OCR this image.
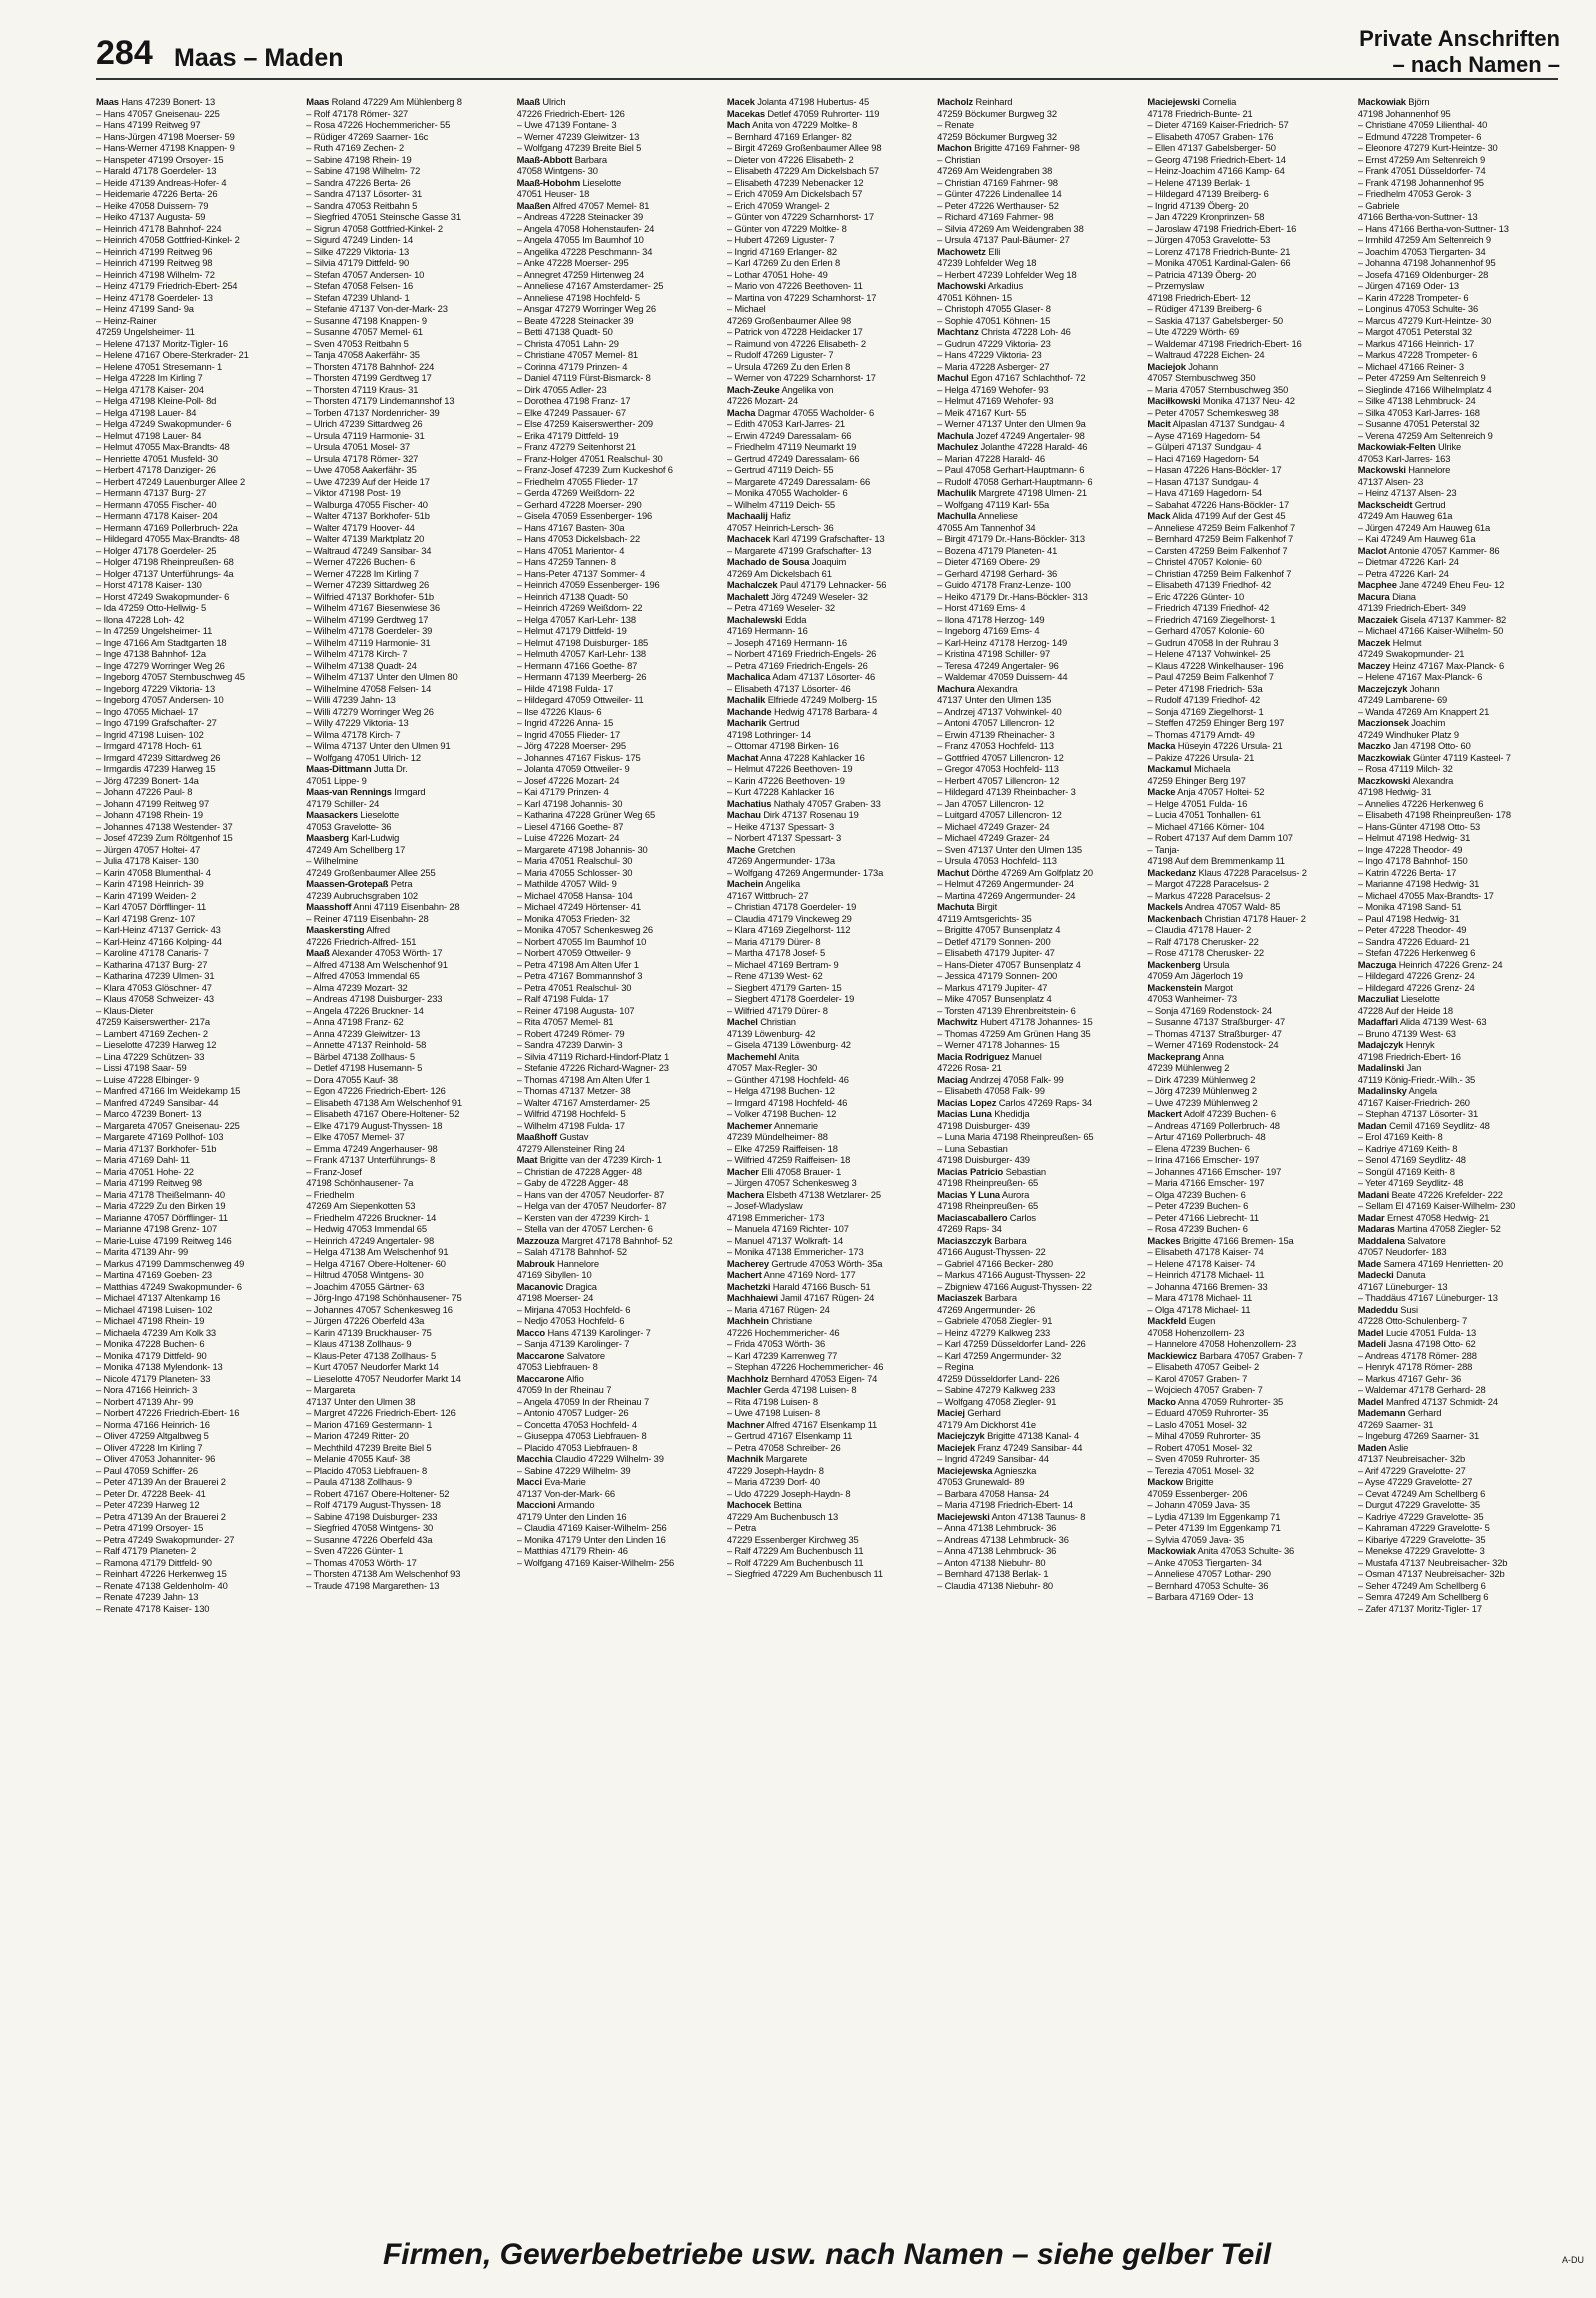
284 Maas – Maden
Private Anschriften
– nach Namen –
Maas Hans 47239 Bonert- 13
– Hans 47057 Gneisenau- 225
– Hans 47199 Reitweg 97
– Hans-Jürgen 47198 Moerser- 59
– Hans-Werner 47198 Knappen- 9
– Hanspeter 47199 Orsoyer- 15
– Harald 47178 Goerdeler- 13
– Heide 47139 Andreas-Hofer- 4
– Heidemarie 47226 Berta- 26
– Heike 47058 Duissern- 79
– Heiko 47137 Augusta- 59
– Heinrich 47178 Bahnhof- 224
– Heinrich 47058 Gottfried-Kinkel- 2
– Heinrich 47199 Reitweg 96
– Heinrich 47199 Reitweg 98
– Heinrich 47198 Wilhelm- 72
– Heinz 47179 Friedrich-Ebert- 254
– Heinz 47178 Goerdeler- 13
– Heinz 47199 Sand- 9a
– Heinz-Rainer
47259 Ungelsheimer- 11
– Helene 47137 Moritz-Tigler- 16
– Helene 47167 Obere-Sterkrader- 21
– Helene 47051 Stresemann- 1
– Helga 47228 Im Kirling 7
– Helga 47178 Kaiser- 204
– Helga 47198 Kleine-Poll- 8d
– Helga 47198 Lauer- 84
– Helga 47249 Swakopmunder- 6
– Helmut 47198 Lauer- 84
– Helmut 47055 Max-Brandts- 48
– Henriette 47051 Musfeld- 30
– Herbert 47178 Danziger- 26
– Herbert 47249 Lauenburger Allee 2
– Hermann 47137 Burg- 27
– Hermann 47055 Fischer- 40
– Hermann 47178 Kaiser- 204
– Hermann 47169 Pollerbruch- 22a
– Hildegard 47055 Max-Brandts- 48
– Holger 47178 Goerdeler- 25
– Holger 47198 Rheinpreußen- 68
– Holger 47137 Unterführungs- 4a
– Horst 47178 Kaiser- 130
– Horst 47249 Swakopmunder- 6
– Ida 47259 Otto-Hellwig- 5
– Ilona 47228 Loh- 42
– In 47259 Ungelsheimer- 11
– Inge 47166 Am Stadtgarten 18
– Inge 47138 Bahnhof- 12a
– Inge 47279 Worringer Weg 26
– Ingeborg 47057 Sternbuschweg 45
– Ingeborg 47229 Viktoria- 13
– Ingeborg 47057 Andersen- 10
– Ingo 47055 Michael- 17
– Ingo 47199 Grafschafter- 27
– Ingrid 47198 Luisen- 102
– Irmgard 47178 Hoch- 61
– Irmgard 47239 Sittardweg 26
– Irmgardis 47239 Harweg 15
– Jörg 47239 Bonert- 14a
– Johann 47226 Paul- 8
– Johann 47199 Reitweg 97
– Johann 47198 Rhein- 19
– Johannes 47138 Westender- 37
– Josef 47239 Zum Röltgenhof 15
– Jürgen 47057 Holtei- 47
– Julia 47178 Kaiser- 130
– Karin 47058 Blumenthal- 4
– Karin 47198 Heinrich- 39
– Karin 47199 Weiden- 2
– Karl 47057 Dörfflinger- 11
– Karl 47198 Grenz- 107
– Karl-Heinz 47137 Gerrick- 43
– Karl-Heinz 47166 Kolping- 44
– Karoline 47178 Canaris- 7
– Katharina 47137 Burg- 27
– Katharina 47239 Ulmen- 31
– Klara 47053 Glöschner- 47
– Klaus 47058 Schweizer- 43
– Klaus-Dieter
47259 Kaiserswerther- 217a
– Lambert 47169 Zechen- 2
– Lieselotte 47239 Harweg 12
– Lina 47229 Schützen- 33
– Lissi 47198 Saar- 59
– Luise 47228 Elbinger- 9
– Manfred 47166 Im Weidekamp 15
– Manfred 47249 Sansibar- 44
– Marco 47239 Bonert- 13
– Margareta 47057 Gneisenau- 225
– Margarete 47169 Pollhof- 103
– Maria 47137 Borkhofer- 51b
– Maria 47169 Dahl- 11
– Maria 47051 Hohe- 22
– Maria 47199 Reitweg 98
– Maria 47178 Theißelmann- 40
– Maria 47229 Zu den Birken 19
– Marianne 47057 Dörfflinger- 11
– Marianne 47198 Grenz- 107
– Marie-Luise 47199 Reitweg 146
– Marita 47139 Ahr- 99
– Markus 47199 Dammschenweg 49
– Martina 47169 Goeben- 23
– Matthias 47249 Swakopmunder- 6
– Michael 47137 Altenkamp 16
– Michael 47198 Luisen- 102
– Michael 47198 Rhein- 19
– Michaela 47239 Am Kolk 33
– Monika 47228 Buchen- 6
– Monika 47179 Dittfeld- 90
– Monika 47138 Mylendonk- 13
– Nicole 47179 Planeten- 33
– Nora 47166 Heinrich- 3
– Norbert 47139 Ahr- 99
– Norbert 47226 Friedrich-Ebert- 16
– Norma 47166 Heinrich- 16
– Oliver 47259 Altgalbweg 5
– Oliver 47228 Im Kirling 7
– Oliver 47053 Johanniter- 96
– Paul 47059 Schiffer- 26
– Peter 47139 An der Brauerei 2
– Peter Dr. 47228 Beek- 41
– Peter 47239 Harweg 12
– Petra 47139 An der Brauerei 2
– Petra 47199 Orsoyer- 15
– Petra 47249 Swakopmunder- 27
– Ralf 47179 Planeten- 2
– Ramona 47179 Dittfeld- 90
– Reinhart 47226 Herkenweg 15
– Renate 47138 Geldenholm- 40
– Renate 47239 Jahn- 13
– Renate 47178 Kaiser- 130
Maas Roland 47229 Am Mühlenberg 8
– Rolf 47178 Römer- 327
– Rosa 47226 Hochemmericher- 55
– Rüdiger 47269 Saarner- 16c
– Ruth 47169 Zechen- 2
– Sabine 47198 Rhein- 19
– Sabine 47198 Wilhelm- 72
– Sandra 47226 Berta- 26
– Sandra 47137 Lösorter- 31
– Sandra 47053 Reitbahn 5
– Siegfried 47051 Steinsche Gasse 31
– Sigrun 47058 Gottfried-Kinkel- 2
– Sigurd 47249 Linden- 14
– Silke 47229 Viktoria- 13
– Silvia 47179 Dittfeld- 90
– Stefan 47057 Andersen- 10
– Stefan 47058 Felsen- 16
– Stefan 47239 Uhland- 1
– Stefanie 47137 Von-der-Mark- 23
– Susanne 47198 Knappen- 9
– Susanne 47057 Memel- 61
– Sven 47053 Reitbahn 5
– Tanja 47058 Aakerfähr- 35
– Thorsten 47178 Bahnhof- 224
– Thorsten 47199 Gerdtweg 17
– Thorsten 47119 Kraus- 31
– Thorsten 47179 Lindemannshof 13
– Torben 47137 Nordenricher- 39
– Ulrich 47239 Sittardweg 26
– Ursula 47119 Harmonie- 31
– Ursula 47051 Mosel- 37
– Ursula 47178 Römer- 327
– Uwe 47058 Aakerfähr- 35
– Uwe 47239 Auf der Heide 17
– Viktor 47198 Post- 19
– Walburga 47055 Fischer- 40
– Walter 47137 Borkhofer- 51b
– Walter 47179 Hoover- 44
– Walter 47139 Marktplatz 20
– Waltraud 47249 Sansibar- 34
– Werner 47226 Buchen- 6
– Werner 47228 Im Kirling 7
– Werner 47239 Sittardweg 26
– Wilfried 47137 Borkhofer- 51b
– Wilhelm 47167 Biesenwiese 36
– Wilhelm 47199 Gerdtweg 17
– Wilhelm 47178 Goerdeler- 39
– Wilhelm 47119 Harmonie- 31
– Wilhelm 47178 Kirch- 7
– Wilhelm 47138 Quadt- 24
– Wilhelm 47137 Unter den Ulmen 80
– Wilhelmine 47058 Felsen- 14
– Willi 47239 Jahn- 13
– Willi 47279 Worringer Weg 26
– Willy 47229 Viktoria- 13
– Wilma 47178 Kirch- 7
– Wilma 47137 Unter den Ulmen 91
– Wolfgang 47051 Ulrich- 12
Maas-Dittmann Jutta Dr.
47051 Lippe- 9
Maas-van Rennings Irmgard
47179 Schiller- 24
Maasackers Lieselotte
47053 Gravelotte- 36
Maasberg Karl-Ludwig
47249 Am Schellberg 17
– Wilhelmine
47249 Großenbaumer Allee 255
Maassen-Grotepaß Petra
47239 Aubruchsgraben 102
Maasshoff Anni 47119 Eisenbahn- 28
– Reiner 47119 Eisenbahn- 28
Maaskersting Alfred
47226 Friedrich-Alfred- 151
Maaß Alexander 47053 Wörth- 17
– Alfred 47138 Am Welschenhof 91
– Alfred 47053 Immendal 65
– Alma 47239 Mozart- 32
– Andreas 47198 Duisburger- 233
– Angela 47226 Bruckner- 14
– Anna 47198 Franz- 62
– Anna 47239 Gleiwitzer- 13
– Annette 47137 Reinhold- 58
– Bärbel 47138 Zollhaus- 5
– Detlef 47198 Husemann- 5
– Dora 47055 Kauf- 38
– Egon 47226 Friedrich-Ebert- 126
– Elisabeth 47138 Am Welschenhof 91
– Elisabeth 47167 Obere-Holtener- 52
– Elke 47179 August-Thyssen- 18
– Elke 47057 Memel- 37
– Emma 47249 Angerhauser- 98
– Frank 47137 Unterführungs- 8
– Franz-Josef
47198 Schönhausener- 7a
– Friedhelm
47269 Am Siepenkotten 53
– Friedhelm 47226 Bruckner- 14
– Hedwig 47053 Immendal 65
– Heinrich 47249 Angertaler- 98
– Helga 47138 Am Welschenhof 91
– Helga 47167 Obere-Holtener- 60
– Hiltrud 47058 Wintgens- 30
– Joachim 47055 Gärtner- 63
– Jörg-Ingo 47198 Schönhausener- 75
– Johannes 47057 Schenkesweg 16
– Jürgen 47226 Oberfeld 43a
– Karin 47139 Bruckhauser- 75
– Klaus 47138 Zollhaus- 9
– Klaus-Peter 47138 Zollhaus- 5
– Kurt 47057 Neudorfer Markt 14
– Lieselotte 47057 Neudorfer Markt 14
– Margareta
47137 Unter den Ulmen 38
– Margret 47226 Friedrich-Ebert- 126
– Marion 47169 Gestermann- 1
– Marion 47249 Ritter- 20
– Mechthild 47239 Breite Biel 5
– Melanie 47055 Kauf- 38
– Placido 47053 Liebfrauen- 8
– Paula 47138 Zollhaus- 9
– Robert 47167 Obere-Holtener- 52
– Rolf 47179 August-Thyssen- 18
– Sabine 47198 Duisburger- 233
– Siegfried 47058 Wintgens- 30
– Susanne 47226 Oberfeld 43a
– Sven 47226 Günter- 1
– Thomas 47053 Wörth- 17
– Thorsten 47138 Am Welschenhof 93
– Traude 47198 Margarethen- 13
Maaß Ulrich
47226 Friedrich-Ebert- 126
– Uwe 47139 Fontane- 3
– Werner 47239 Gleiwitzer- 13
– Wolfgang 47239 Breite Biel 5
Maaß-Abbott Barbara
47058 Wintgens- 30
Maaß-Hobohm Lieselotte
47051 Heuser- 18
Maaßen Alfred 47057 Memel- 81
– Andreas 47228 Steinacker 39
– Angela 47058 Hohenstaufen- 24
– Angela 47055 Im Baumhof 10
– Angelika 47228 Peschmann- 34
– Anke 47228 Moerser- 295
– Annegret 47259 Hirtenweg 24
– Anneliese 47167 Amsterdamer- 25
– Anneliese 47198 Hochfeld- 5
– Ansgar 47279 Worringer Weg 26
– Beate 47228 Steinacker 39
– Betti 47138 Quadt- 50
– Christa 47051 Lahn- 29
– Christiane 47057 Memel- 81
– Corinna 47179 Prinzen- 4
– Daniel 47119 Fürst-Bismarck- 8
– Dirk 47055 Adler- 23
– Dorothea 47198 Franz- 17
– Elke 47249 Passauer- 67
– Else 47259 Kaiserswerther- 209
– Erika 47179 Dittfeld- 19
– Franz 47279 Seitenhorst 21
– Franz-Holger 47051 Realschul- 30
– Franz-Josef 47239 Zum Kuckeshof 6
– Friedhelm 47055 Flieder- 17
– Gerda 47269 Weißdorn- 22
– Gerhard 47228 Moerser- 290
– Gisela 47059 Essenberger- 196
– Hans 47167 Basten- 30a
– Hans 47053 Dickelsbach- 22
– Hans 47051 Marientor- 4
– Hans 47259 Tannen- 8
– Hans-Peter 47137 Sommer- 4
– Heinrich 47059 Essenberger- 196
– Heinrich 47138 Quadt- 50
– Heinrich 47269 Weißdorn- 22
– Helga 47057 Karl-Lehr- 138
– Helmut 47179 Dittfeld- 19
– Helmut 47198 Duisburger- 185
– Helmuth 47057 Karl-Lehr- 138
– Hermann 47166 Goethe- 87
– Hermann 47139 Meerberg- 26
– Hilde 47198 Fulda- 17
– Hildegard 47059 Ottweiler- 11
– Ilse 47226 Klaus- 6
– Ingrid 47226 Anna- 15
– Ingrid 47055 Flieder- 17
– Jörg 47228 Moerser- 295
– Johannes 47167 Fiskus- 175
– Jolanta 47059 Ottweiler- 9
– Josef 47226 Mozart- 24
– Kai 47179 Prinzen- 4
– Karl 47198 Johannis- 30
– Katharina 47228 Grüner Weg 65
– Liesel 47166 Goethe- 87
– Luise 47226 Mozart- 24
– Margarete 47198 Johannis- 30
– Maria 47051 Realschul- 30
– Maria 47055 Schlosser- 30
– Mathilde 47057 Wild- 9
– Michael 47058 Hansa- 104
– Michael 47249 Hörtenser- 41
– Monika 47053 Frieden- 32
– Monika 47057 Schenkesweg 26
– Norbert 47055 Im Baumhof 10
– Norbert 47059 Ottweiler- 9
– Petra 47198 Am Alten Ufer 1
– Petra 47167 Bommannshof 3
– Petra 47051 Realschul- 30
– Ralf 47198 Fulda- 17
– Reiner 47198 Augusta- 107
– Rita 47057 Memel- 81
– Robert 47249 Römer- 79
– Sandra 47239 Darwin- 3
– Silvia 47119 Richard-Hindorf-Platz 1
– Stefanie 47226 Richard-Wagner- 23
– Thomas 47198 Am Alten Ufer 1
– Thomas 47137 Metzer- 38
– Walter 47167 Amsterdamer- 25
– Wilfrid 47198 Hochfeld- 5
– Wilhelm 47198 Fulda- 17
Maaßhoff Gustav
47279 Allensteiner Ring 24
Maat Brigitte van der 47239 Kirch- 1
– Christian de 47228 Agger- 48
– Gaby de 47228 Agger- 48
– Hans van der 47057 Neudorfer- 87
– Helga van der 47057 Neudorfer- 87
– Kersten van der 47239 Kirch- 1
– Stella van der 47057 Lerchen- 6
Mazzouza Margret 47178 Bahnhof- 52
– Salah 47178 Bahnhof- 52
Mabrouk Hannelore
47169 Sibyllen- 10
Macanovic Dragica
47198 Moerser- 24
– Mirjana 47053 Hochfeld- 6
– Nedjo 47053 Hochfeld- 6
Macco Hans 47139 Karolinger- 7
– Sanja 47139 Karolinger- 7
Maccarone Salvatore
47053 Liebfrauen- 8
Maccarone Alfio
47059 In der Rheinau 7
– Angela 47059 In der Rheinau 7
– Antonio 47057 Ludger- 26
– Concetta 47053 Hochfeld- 4
– Giuseppa 47053 Liebfrauen- 8
– Placido 47053 Liebfrauen- 8
Macchia Claudio 47229 Wilhelm- 39
– Sabine 47229 Wilhelm- 39
Macci Eva-Marie
47137 Von-der-Mark- 66
Maccioni Armando
47179 Unter den Linden 16
– Claudia 47169 Kaiser-Wilhelm- 256
– Monika 47179 Unter den Linden 16
– Matthias 47179 Rhein- 46
– Wolfgang 47169 Kaiser-Wilhelm- 256
Macek Jolanta 47198 Hubertus- 45
Macekas Detlef 47059 Ruhrorter- 119
Mach Anita von 47229 Moltke- 8
– Bernhard 47169 Erlanger- 82
– Birgit 47269 Großenbaumer Allee 98
– Dieter von 47226 Elisabeth- 2
– Elisabeth 47229 Am Dickelsbach 57
– Elisabeth 47239 Nebenacker 12
– Erich 47059 Am Dickelsbach 57
– Erich 47059 Wrangel- 2
– Günter von 47229 Scharnhorst- 17
– Günter von 47229 Moltke- 8
– Hubert 47269 Liguster- 7
– Ingrid 47169 Erlanger- 82
– Karl 47269 Zu den Erlen 8
– Lothar 47051 Hohe- 49
– Mario von 47226 Beethoven- 11
– Martina von 47229 Scharnhorst- 17
– Michael
47269 Großenbaumer Allee 98
– Patrick von 47228 Heidacker 17
– Raimund von 47226 Elisabeth- 2
– Rudolf 47269 Liguster- 7
– Ursula 47269 Zu den Erlen 8
– Werner von 47229 Scharnhorst- 17
Mach-Zeuke Angelika von
47226 Mozart- 24
Macha Dagmar 47055 Wacholder- 6
– Edith 47053 Karl-Jarres- 21
– Erwin 47249 Daressalam- 66
– Friedhelm 47119 Neumarkt 19
– Gertrud 47249 Daressalam- 66
– Gertrud 47119 Deich- 55
– Margarete 47249 Daressalam- 66
– Monika 47055 Wacholder- 6
– Wilhelm 47119 Deich- 55
Machaalij Hafiz
47057 Heinrich-Lersch- 36
Machacek Karl 47199 Grafschafter- 13
– Margarete 47199 Grafschafter- 13
Machado de Sousa Joaquim
47269 Am Dickelsbach 61
Machalczek Paul 47179 Lehnacker- 56
Machalett Jörg 47249 Weseler- 32
– Petra 47169 Weseler- 32
Machalewski Edda
47169 Hermann- 16
– Joseph 47169 Hermann- 16
– Norbert 47169 Friedrich-Engels- 26
– Petra 47169 Friedrich-Engels- 26
Machalica Adam 47137 Lösorter- 46
– Elisabeth 47137 Lösorter- 46
Machalik Elfriede 47249 Molberg- 15
Machande Hedwig 47178 Barbara- 4
Macharik Gertrud
47198 Lothringer- 14
– Ottomar 47198 Birken- 16
Machat Anna 47228 Kahlacker 16
– Helmut 47226 Beethoven- 19
– Karin 47226 Beethoven- 19
– Kurt 47228 Kahlacker 16
Machatius Nathaly 47057 Graben- 33
Machau Dirk 47137 Rosenau 19
– Heike 47137 Spessart- 3
– Norbert 47137 Spessart- 3
Mache Gretchen
47269 Angermunder- 173a
– Wolfgang 47269 Angermunder- 173a
Machein Angelika
47167 Wittbruch- 27
– Christian 47178 Goerdeler- 19
– Claudia 47179 Vinckeweg 29
– Klara 47169 Ziegelhorst- 112
– Maria 47179 Dürer- 8
– Martha 47178 Josef- 5
– Michael 47169 Bertram- 9
– Rene 47139 West- 62
– Siegbert 47179 Garten- 15
– Siegbert 47178 Goerdeler- 19
– Wilfried 47179 Dürer- 8
Machel Christian
47139 Löwenburg- 42
– Gisela 47139 Löwenburg- 42
Machemehl Anita
47057 Max-Regler- 30
– Günther 47198 Hochfeld- 46
– Helga 47198 Buchen- 12
– Irmgard 47198 Hochfeld- 46
– Volker 47198 Buchen- 12
Machemer Annemarie
47239 Mündelheimer- 88
– Elke 47259 Raiffeisen- 18
– Wilfried 47259 Raiffeisen- 18
Macher Elli 47058 Brauer- 1
– Jürgen 47057 Schenkesweg 3
Machera Elsbeth 47138 Wetzlarer- 25
– Josef-Wladyslaw
47198 Emmericher- 173
– Manuela 47169 Richter- 107
– Manuel 47137 Wolkraft- 14
– Monika 47138 Emmericher- 173
Macherey Gertrude 47053 Wörth- 35a
Machert Anne 47169 Nord- 177
Machetzki Harald 47166 Busch- 51
Machhaiewi Jamil 47167 Rügen- 24
– Maria 47167 Rügen- 24
Machhein Christiane
47226 Hochemmericher- 46
– Frida 47053 Wörth- 36
– Karl 47239 Karrenweg 77
– Stephan 47226 Hochemmericher- 46
Machholz Bernhard 47053 Eigen- 74
Machler Gerda 47198 Luisen- 8
– Rita 47198 Luisen- 8
– Uwe 47198 Luisen- 8
Machner Alfred 47167 Elsenkamp 11
– Gertrud 47167 Elsenkamp 11
– Petra 47058 Schreiber- 26
Machnik Margarete
47229 Joseph-Haydn- 8
– Maria 47239 Dorf- 40
– Udo 47229 Joseph-Haydn- 8
Machocek Bettina
47229 Am Buchenbusch 13
– Petra
47229 Essenberger Kirchweg 35
– Ralf 47229 Am Buchenbusch 11
– Rolf 47229 Am Buchenbusch 11
– Siegfried 47229 Am Buchenbusch 11
Macholz Reinhard
47259 Böckumer Burgweg 32
– Renate
47259 Böckumer Burgweg 32
Machon Brigitte 47169 Fahrner- 98
– Christian
47269 Am Weidengraben 38
– Christian 47169 Fahrner- 98
– Günter 47226 Lindenallee 14
– Peter 47226 Werthauser- 52
– Richard 47169 Fahrner- 98
– Silvia 47269 Am Weidengraben 38
– Ursula 47137 Paul-Bäumer- 27
Machowetz Elli
47239 Lohfelder Weg 18
– Herbert 47239 Lohfelder Weg 18
Machowski Arkadius
47051 Köhnen- 15
– Christoph 47055 Glaser- 8
– Sophie 47051 Köhnen- 15
Machtanz Christa 47228 Loh- 46
– Gudrun 47229 Viktoria- 23
– Hans 47229 Viktoria- 23
– Maria 47228 Asberger- 27
Machul Egon 47167 Schlachthof- 72
– Helga 47169 Wehofer- 93
– Helmut 47169 Wehofer- 93
– Meik 47167 Kurt- 55
– Werner 47137 Unter den Ulmen 9a
Machula Jozef 47249 Angertaler- 98
Machulez Jolanthe 47228 Harald- 46
– Marian 47228 Harald- 46
– Paul 47058 Gerhart-Hauptmann- 6
– Rudolf 47058 Gerhart-Hauptmann- 6
Machulik Margrete 47198 Ulmen- 21
– Wolfgang 47119 Karl- 55a
Machulla Anneliese
47055 Am Tannenhof 34
– Birgit 47179 Dr.-Hans-Böckler- 313
– Bozena 47179 Planeten- 41
– Dieter 47169 Obere- 29
– Gerhard 47198 Gerhard- 36
– Guido 47178 Franz-Lenze- 100
– Heiko 47179 Dr.-Hans-Böckler- 313
– Horst 47169 Ems- 4
– Ilona 47178 Herzog- 149
– Ingeborg 47169 Ems- 4
– Karl-Heinz 47178 Herzog- 149
– Kristina 47198 Schiller- 97
– Teresa 47249 Angertaler- 96
– Waldemar 47059 Duissern- 44
Machura Alexandra
47137 Unter den Ulmen 135
– Andrzej 47137 Vohwinkel- 40
– Antoni 47057 Lillencron- 12
– Erwin 47139 Rheinacher- 3
– Franz 47053 Hochfeld- 113
– Gottfried 47057 Lillencron- 12
– Gregor 47053 Hochfeld- 113
– Herbert 47057 Lillencron- 12
– Hildegard 47139 Rheinbacher- 3
– Jan 47057 Lillencron- 12
– Luitgard 47057 Lillencron- 12
– Michael 47249 Grazer- 24
– Michael 47249 Grazer- 24
– Sven 47137 Unter den Ulmen 135
– Ursula 47053 Hochfeld- 113
Machut Dörthe 47269 Am Golfplatz 20
– Helmut 47269 Angermunder- 24
– Martina 47269 Angermunder- 24
Machuta Birgit
47119 Amtsgerichts- 35
– Brigitte 47057 Bunsenplatz 4
– Detlef 47179 Sonnen- 200
– Elisabeth 47179 Jupiter- 47
– Hans-Dieter 47057 Bunsenplatz 4
– Jessica 47179 Sonnen- 200
– Markus 47179 Jupiter- 47
– Mike 47057 Bunsenplatz 4
– Torsten 47139 Ehrenbreitstein- 6
Machwitz Hubert 47178 Johannes- 15
– Thomas 47259 Am Grünen Hang 35
– Werner 47178 Johannes- 15
Macia Rodriguez Manuel
47226 Rosa- 21
Maciag Andrzej 47058 Falk- 99
– Elisabeth 47058 Falk- 99
Macias Lopez Carlos 47269 Raps- 34
Macias Luna Khedidja
47198 Duisburger- 439
– Luna Maria 47198 Rheinpreußen- 65
– Luna Sebastian
47198 Duisburger- 439
Macias Patricio Sebastian
47198 Rheinpreußen- 65
Macias Y Luna Aurora
47198 Rheinpreußen- 65
Maciascaballero Carlos
47269 Raps- 34
Maciaszczyk Barbara
47166 August-Thyssen- 22
– Gabriel 47166 Becker- 280
– Markus 47166 August-Thyssen- 22
– Zbigniew 47166 August-Thyssen- 22
Maciaszek Barbara
47269 Angermunder- 26
– Gabriele 47058 Ziegler- 91
– Heinz 47279 Kalkweg 233
– Karl 47259 Düsseldorfer Land- 226
– Karl 47259 Angermunder- 32
– Regina
47259 Düsseldorfer Land- 226
– Sabine 47279 Kalkweg 233
– Wolfgang 47058 Ziegler- 91
Maciej Gerhard
47179 Am Dickhorst 41e
Maciejczyk Brigitte 47138 Kanal- 4
Maciejek Franz 47249 Sansibar- 44
– Ingrid 47249 Sansibar- 44
Maciejewska Agnieszka
47053 Grunewald- 89
– Barbara 47058 Hansa- 24
– Maria 47198 Friedrich-Ebert- 14
Maciejewski Anton 47138 Taunus- 8
– Anna 47138 Lehmbruck- 36
– Andreas 47138 Lehmbruck- 36
– Anna 47138 Lehmbruck- 36
– Anton 47138 Niebuhr- 80
– Bernhard 47138 Berlak- 1
– Claudia 47138 Niebuhr- 80
Maciejewski Cornelia
47178 Friedrich-Bunte- 21
– Dieter 47169 Kaiser-Friedrich- 57
– Elisabeth 47057 Graben- 176
– Ellen 47137 Gabelsberger- 50
– Georg 47198 Friedrich-Ebert- 14
– Heinz-Joachim 47166 Kamp- 64
– Helene 47139 Berlak- 1
– Hildegard 47139 Breiberg- 6
– Ingrid 47139 Öberg- 20
– Jan 47229 Kronprinzen- 58
– Jaroslaw 47198 Friedrich-Ebert- 16
– Jürgen 47053 Gravelotte- 53
– Lorenz 47178 Friedrich-Bunte- 21
– Monika 47051 Kardinal-Galen- 66
– Patricia 47139 Öberg- 20
– Przemyslaw
47198 Friedrich-Ebert- 12
– Rüdiger 47139 Breiberg- 6
– Saskia 47137 Gabelsberger- 50
– Ute 47229 Wörth- 69
– Waldemar 47198 Friedrich-Ebert- 16
– Waltraud 47228 Eichen- 24
Maciejok Johann
47057 Sternbuschweg 350
– Maria 47057 Sternbuschweg 350
Maciłkowski Monika 47137 Neu- 42
– Peter 47057 Schemkesweg 38
Macit Alpaslan 47137 Sundgau- 4
– Ayse 47169 Hagedorn- 54
– Gülperi 47137 Sundgau- 4
– Haci 47169 Hagedorn- 54
– Hasan 47226 Hans-Böckler- 17
– Hasan 47137 Sundgau- 4
– Hava 47169 Hagedorn- 54
– Sabahat 47226 Hans-Böckler- 17
Mack Alida 47199 Auf der Gest 45
– Anneliese 47259 Beim Falkenhof 7
– Bernhard 47259 Beim Falkenhof 7
– Carsten 47259 Beim Falkenhof 7
– Christel 47057 Kolonie- 60
– Christian 47259 Beim Falkenhof 7
– Elisabeth 47139 Friedhof- 42
– Eric 47226 Günter- 10
– Friedrich 47139 Friedhof- 42
– Friedrich 47169 Ziegelhorst- 1
– Gerhard 47057 Kolonie- 60
– Gudrun 47058 In der Ruhrau 3
– Helene 47137 Vohwinkel- 25
– Klaus 47228 Winkelhauser- 196
– Paul 47259 Beim Falkenhof 7
– Peter 47198 Friedrich- 53a
– Rudolf 47139 Friedhof- 42
– Sonja 47169 Ziegelhorst- 1
– Steffen 47259 Ehinger Berg 197
– Thomas 47179 Arndt- 49
Macka Hüseyin 47226 Ursula- 21
– Pakize 47226 Ursula- 21
Mackamul Michaela
47259 Ehinger Berg 197
Macke Anja 47057 Holtei- 52
– Helge 47051 Fulda- 16
– Lucia 47051 Tonhallen- 61
– Michael 47166 Körner- 104
– Robert 47137 Auf dem Damm 107
– Tanja-
47198 Auf dem Bremmenkamp 11
Mackedanz Klaus 47228 Paracelsus- 2
– Margot 47228 Paracelsus- 2
– Markus 47228 Paracelsus- 2
Mackels Andrea 47057 Wald- 85
Mackenbach Christian 47178 Hauer- 2
– Claudia 47178 Hauer- 2
– Ralf 47178 Cherusker- 22
– Rose 47178 Cherusker- 22
Mackenberg Ursula
47059 Am Jägerloch 19
Mackenstein Margot
47053 Wanheimer- 73
– Sonja 47169 Rodenstock- 24
– Susanne 47137 Straßburger- 47
– Thomas 47137 Straßburger- 47
– Werner 47169 Rodenstock- 24
Mackeprang Anna
47239 Mühlenweg 2
– Dirk 47239 Mühlenweg 2
– Jörg 47239 Mühlenweg 2
– Uwe 47239 Mühlenweg 2
Mackert Adolf 47239 Buchen- 6
– Andreas 47169 Pollerbruch- 48
– Artur 47169 Pollerbruch- 48
– Elena 47239 Buchen- 6
– Irina 47166 Emscher- 197
– Johannes 47166 Emscher- 197
– Maria 47166 Emscher- 197
– Olga 47239 Buchen- 6
– Peter 47239 Buchen- 6
– Peter 47166 Liebrecht- 11
– Rosa 47239 Buchen- 6
Mackes Brigitte 47166 Bremen- 15a
– Elisabeth 47178 Kaiser- 74
– Helene 47178 Kaiser- 74
– Heinrich 47178 Michael- 11
– Johanna 47166 Bremen- 33
– Mara 47178 Michael- 11
– Olga 47178 Michael- 11
Mackfeld Eugen
47058 Hohenzollern- 23
– Hannelore 47058 Hohenzollern- 23
Mackiewicz Barbara 47057 Graben- 7
– Elisabeth 47057 Geibel- 2
– Karol 47057 Graben- 7
– Wojciech 47057 Graben- 7
Macko Anna 47059 Ruhrorter- 35
– Eduard 47059 Ruhrorter- 35
– Laslo 47051 Mosel- 32
– Mihal 47059 Ruhrorter- 35
– Robert 47051 Mosel- 32
– Sven 47059 Ruhrorter- 35
– Terezia 47051 Mosel- 32
Mackow Brigitte
47059 Essenberger- 206
– Johann 47059 Java- 35
– Lydia 47139 Im Eggenkamp 71
– Peter 47139 Im Eggenkamp 71
– Sylvia 47059 Java- 35
Mackowiak Anita 47053 Schulte- 36
– Anke 47053 Tiergarten- 34
– Anneliese 47057 Lothar- 290
– Bernhard 47053 Schulte- 36
– Barbara 47169 Oder- 13
Mackowiak Björn
47198 Johannenhof 95
– Christiane 47059 Lilienthal- 40
– Edmund 47228 Trompeter- 6
– Eleonore 47279 Kurt-Heintze- 30
– Ernst 47259 Am Seltenreich 9
– Frank 47051 Düsseldorfer- 74
– Frank 47198 Johannenhof 95
– Friedhelm 47053 Gerok- 3
– Gabriele
47166 Bertha-von-Suttner- 13
– Hans 47166 Bertha-von-Suttner- 13
– Irmhild 47259 Am Seltenreich 9
– Joachim 47053 Tiergarten- 34
– Johanna 47198 Johannenhof 95
– Josefa 47169 Oldenburger- 28
– Jürgen 47169 Oder- 13
– Karin 47228 Trompeter- 6
– Longinus 47053 Schulte- 36
– Marcus 47279 Kurt-Heintze- 30
– Margot 47051 Peterstal 32
– Markus 47166 Heinrich- 17
– Markus 47228 Trompeter- 6
– Michael 47166 Reiner- 3
– Peter 47259 Am Seltenreich 9
– Sieglinde 47166 Wilhelmplatz 4
– Silke 47138 Lehmbruck- 24
– Silka 47053 Karl-Jarres- 168
– Susanne 47051 Peterstal 32
– Verena 47259 Am Seltenreich 9
Mackowiak-Felten Ulrike
47053 Karl-Jarres- 163
Mackowski Hannelore
47137 Alsen- 23
– Heinz 47137 Alsen- 23
Mackscheidt Gertrud
47249 Am Hauweg 61a
– Jürgen 47249 Am Hauweg 61a
– Kai 47249 Am Hauweg 61a
Maclot Antonie 47057 Kammer- 86
– Dietmar 47226 Karl- 24
– Petra 47226 Karl- 24
Macphee Jane 47249 Eheu Feu- 12
Macura Diana
47139 Friedrich-Ebert- 349
Maczaiek Gisela 47137 Kammer- 82
– Michael 47166 Kaiser-Wilhelm- 50
Maczek Helmut
47249 Swakopmunder- 21
Maczey Heinz 47167 Max-Planck- 6
– Helene 47167 Max-Planck- 6
Maczejczyk Johann
47249 Lambarene- 69
– Wanda 47269 Am Knappert 21
Maczionsek Joachim
47249 Windhuker Platz 9
Maczko Jan 47198 Otto- 60
Maczkowiak Günter 47119 Kasteel- 7
– Rosa 47119 Milch- 32
Maczkowski Alexandra
47198 Hedwig- 31
– Annelies 47226 Herkenweg 6
– Elisabeth 47198 Rheinpreußen- 178
– Hans-Günter 47198 Otto- 53
– Helmut 47198 Hedwig- 31
– Inge 47228 Theodor- 49
– Ingo 47178 Bahnhof- 150
– Katrin 47226 Berta- 17
– Marianne 47198 Hedwig- 31
– Michael 47055 Max-Brandts- 17
– Monika 47198 Sand- 51
– Paul 47198 Hedwig- 31
– Peter 47228 Theodor- 49
– Sandra 47226 Eduard- 21
– Stefan 47226 Herkenweg 6
Maczuga Heinrich 47226 Grenz- 24
– Hildegard 47226 Grenz- 24
– Hildegard 47226 Grenz- 24
Maczuliat Lieselotte
47228 Auf der Heide 18
Madaffari Alida 47139 West- 63
– Bruno 47139 West- 63
Madajczyk Henryk
47198 Friedrich-Ebert- 16
Madalinski Jan
47119 König-Friedr.-Wilh.- 35
Madalinsky Angela
47167 Kaiser-Friedrich- 260
– Stephan 47137 Lösorter- 31
Madan Cemil 47169 Seydlitz- 48
– Erol 47169 Keith- 8
– Kadriye 47169 Keith- 8
– Senol 47169 Seydlitz- 48
– Songül 47169 Keith- 8
– Yeter 47169 Seydlitz- 48
Madani Beate 47226 Krefelder- 222
– Sellam El 47169 Kaiser-Wilhelm- 230
Madar Ernest 47058 Hedwig- 21
Madaras Martina 47058 Ziegler- 52
Maddalena Salvatore
47057 Neudorfer- 183
Made Samera 47169 Henrietten- 20
Madecki Danuta
47167 Lüneburger- 13
– Thaddäus 47167 Lüneburger- 13
Madeddu Susi
47228 Otto-Schulenberg- 7
Madel Lucie 47051 Fulda- 13
Madeli Jasna 47198 Otto- 62
– Andreas 47178 Römer- 288
– Henryk 47178 Römer- 288
– Markus 47167 Gehr- 36
– Waldemar 47178 Gerhard- 28
Madel Manfred 47137 Schmidt- 24
Mademann Gerhard
47269 Saarner- 31
– Ingeburg 47269 Saarner- 31
Maden Aslie
47137 Neubreisacher- 32b
– Arif 47229 Gravelotte- 27
– Ayse 47229 Gravelotte- 27
– Cevat 47249 Am Schellberg 6
– Durgut 47229 Gravelotte- 35
– Kadriye 47229 Gravelotte- 35
– Kahraman 47229 Gravelotte- 5
– Kibariye 47229 Gravelotte- 35
– Menekse 47229 Gravelotte- 3
– Mustafa 47137 Neubreisacher- 32b
– Osman 47137 Neubreisacher- 32b
– Seher 47249 Am Schellberg 6
– Semra 47249 Am Schellberg 6
– Zafer 47137 Moritz-Tigler- 17
Firmen, Gewerbebetriebe usw. nach Namen – siehe gelber Teil	A-DU
